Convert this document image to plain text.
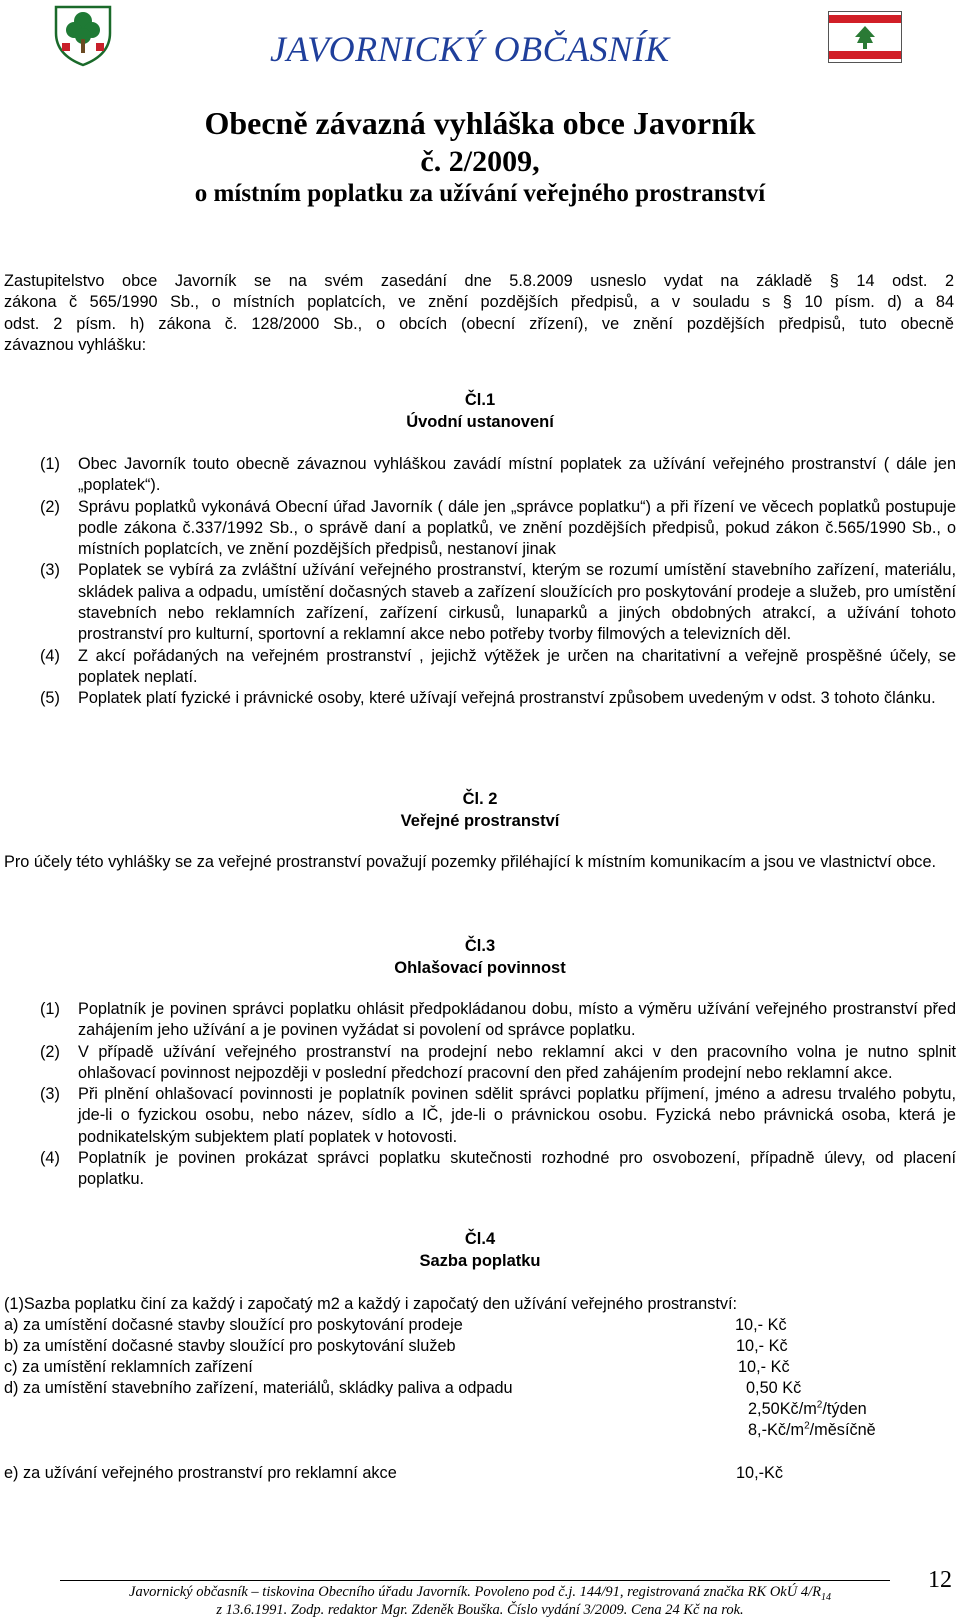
JAVORNICKÝ OBČASNÍK
Obecně závazná vyhláška obce Javorník
č. 2/2009,
o místním poplatku za užívání veřejného prostranství
Zastupitelstvo obce Javorník se na svém zasedání dne 5.8.2009 usneslo vydat na základě § 14 odst. 2
zákona č 565/1990 Sb., o místních poplatcích, ve znění pozdějších předpisů, a v souladu s § 10 písm. d) a 84
odst. 2 písm. h) zákona č. 128/2000 Sb., o obcích (obecní zřízení), ve znění pozdějších předpisů, tuto obecně
závaznou vyhlášku:
Čl.1
Úvodní ustanovení

(1) Obec Javorník touto obecně závaznou vyhláškou zavádí místní poplatek za užívání veřejného prostranství ( dále jen „poplatek“).

(2) Správu poplatků vykonává Obecní úřad Javorník ( dále jen „správce poplatku“) a při řízení ve věcech poplatků postupuje podle zákona č.337/1992 Sb., o správě daní a poplatků, ve znění pozdějších předpisů, pokud zákon č.565/1990 Sb., o místních poplatcích, ve znění pozdějších předpisů, nestanoví jinak

(3) Poplatek se vybírá za zvláštní užívání veřejného prostranství, kterým se rozumí umístění stavebního zařízení, materiálu, skládek paliva a odpadu, umístění dočasných staveb a zařízení sloužících pro poskytování prodeje a služeb, pro umístění stavebních nebo reklamních zařízení, zařízení cirkusů, lunaparků a jiných obdobných atrakcí, a užívání tohoto prostranství pro kulturní, sportovní a reklamní akce nebo potřeby tvorby filmových a televizních děl.

(4) Z akcí pořádaných na veřejném prostranství , jejichž výtěžek je určen na charitativní a veřejně prospěšné účely, se poplatek neplatí.

(5) Poplatek platí fyzické i právnické osoby, které užívají veřejná prostranství způsobem uvedeným v odst. 3 tohoto článku.

Čl. 2
Veřejné prostranství
Pro účely této vyhlášky se za veřejné prostranství považují pozemky přiléhající k místním komunikacím a jsou ve vlastnictví obce.
Čl.3
Ohlašovací povinnost

(1) Poplatník je povinen správci poplatku ohlásit předpokládanou dobu, místo a výměru užívání veřejného prostranství před zahájením jeho užívání a je povinen vyžádat si povolení od správce poplatku.

(2) V případě užívání veřejného prostranství na prodejní nebo reklamní akci v den pracovního volna je nutno splnit ohlašovací povinnost nejpozději v poslední předchozí pracovní den před zahájením prodejní nebo reklamní akce.

(3) Při plnění ohlašovací povinnosti je poplatník povinen sdělit správci poplatku příjmení, jméno a adresu trvalého pobytu, jde-li o fyzickou osobu, nebo název, sídlo a IČ, jde-li o právnickou osobu. Fyzická nebo právnická osoba, která je podnikatelským subjektem platí poplatek v hotovosti.

(4) Poplatník je povinen prokázat správci poplatku skutečnosti rozhodné pro osvobození, případně úlevy, od placení poplatku.

Čl.4
Sazba poplatku
(1)Sazba poplatku činí za každý i započatý m2 a každý i započatý den užívání veřejného prostranství:
a) za umístění dočasné stavby sloužící pro poskytování prodeje	10,- Kč
b) za umístění dočasné stavby sloužící pro poskytování služeb	10,- Kč
c) za umístění reklamních zařízení	10,- Kč
d) za umístění stavebního zařízení, materiálů, skládky paliva a odpadu	0,50 Kč
$2,50Kč/m^2$/týden
$8,-Kč/m^2$/měsíčně
e) za užívání veřejného prostranství pro reklamní akce	10,-Kč
12
Javornický občasník – tiskovina Obecního úřadu Javorník. Povoleno pod č.j. 144/91, registrovaná značka RK OkÚ $4/R_{14}$
z 13.6.1991. Zodp. redaktor Mgr. Zdeněk Bouška. Číslo vydání 3/2009. Cena 24 Kč na rok.
